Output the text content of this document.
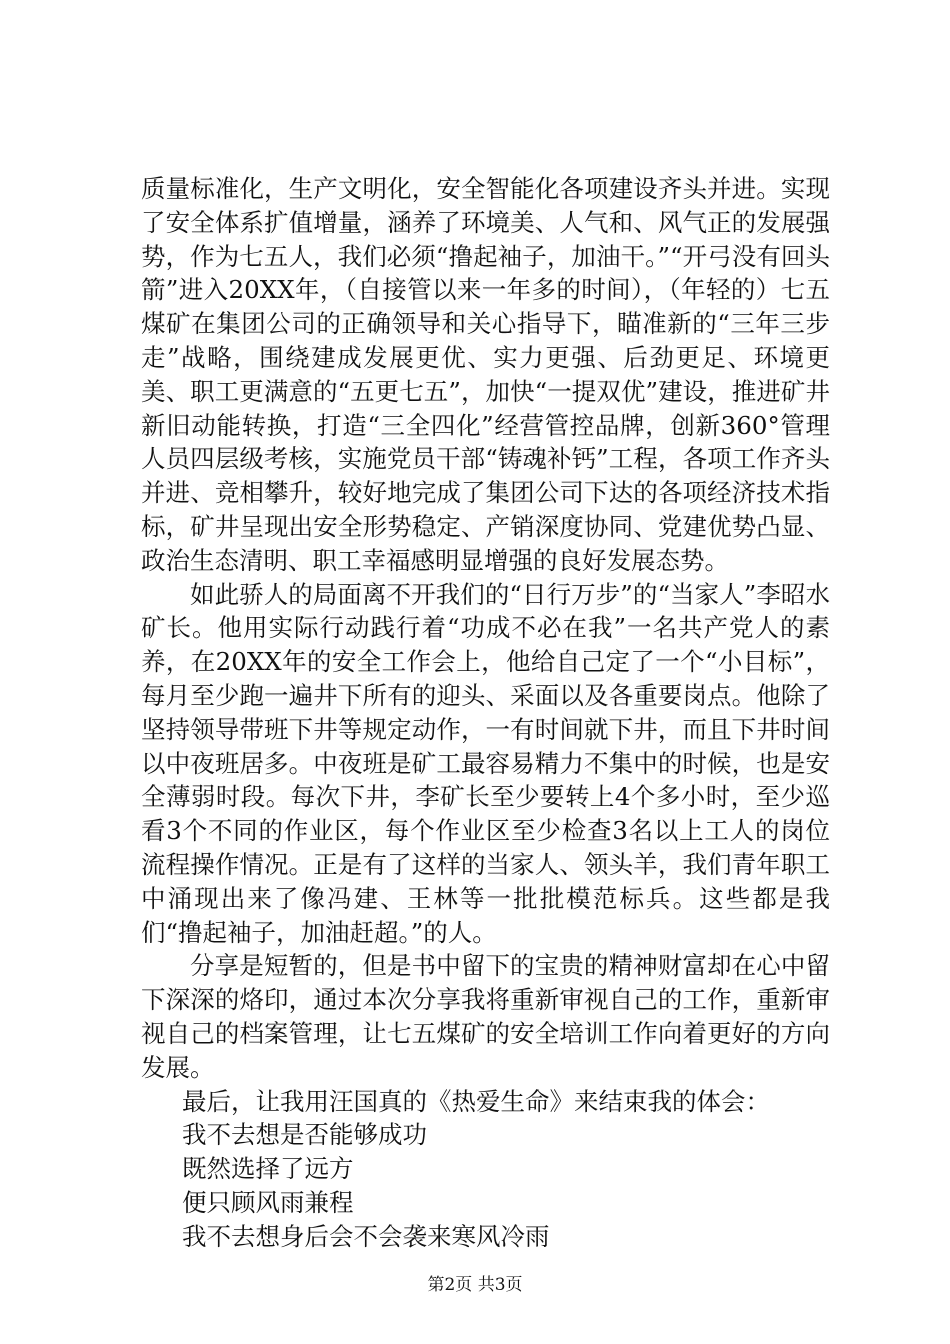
质量标准化，生产文明化，安全智能化各项建设齐头并进。实现了安全体系扩值增量，涵养了环境美、人气和、风气正的发展强势，作为七五人，我们必须“撸起袖子，加油干。”“开弓没有回头箭”进入20XX年，（自接管以来一年多的时间），（年轻的）七五煤矿在集团公司的正确领导和关心指导下，瞄准新的“三年三步走”战略，围绕建成发展更优、实力更强、后劲更足、环境更美、职工更满意的“五更七五”，加快“一提双优”建设，推进矿井新旧动能转换，打造“三全四化”经营管控品牌，创新360°管理人员四层级考核，实施党员干部“铸魂补钙”工程，各项工作齐头并进、竞相攀升，较好地完成了集团公司下达的各项经济技术指标，矿井呈现出安全形势稳定、产销深度协同、党建优势凸显、政治生态清明、职工幸福感明显增强的良好发展态势。

如此骄人的局面离不开我们的“日行万步”的“当家人”李昭水矿长。他用实际行动践行着“功成不必在我”一名共产党人的素养，在20XX年的安全工作会上，他给自己定了一个“小目标”，每月至少跑一遍井下所有的迎头、采面以及各重要岗点。他除了坚持领导带班下井等规定动作，一有时间就下井，而且下井时间以中夜班居多。中夜班是矿工最容易精力不集中的时候，也是安全薄弱时段。每次下井，李矿长至少要转上4个多小时，至少巡看3个不同的作业区，每个作业区至少检查3名以上工人的岗位流程操作情况。正是有了这样的当家人、领头羊，我们青年职工中涌现出来了像冯建、王林等一批批模范标兵。这些都是我们“撸起袖子，加油赶超。”的人。

分享是短暂的，但是书中留下的宝贵的精神财富却在心中留下深深的烙印，通过本次分享我将重新审视自己的工作，重新审视自己的档案管理，让七五煤矿的安全培训工作向着更好的方向发展。

最后，让我用汪国真的《热爱生命》来结束我的体会：

我不去想是否能够成功

既然选择了远方

便只顾风雨兼程

我不去想身后会不会袭来寒风冷雨

第2页 共3页
